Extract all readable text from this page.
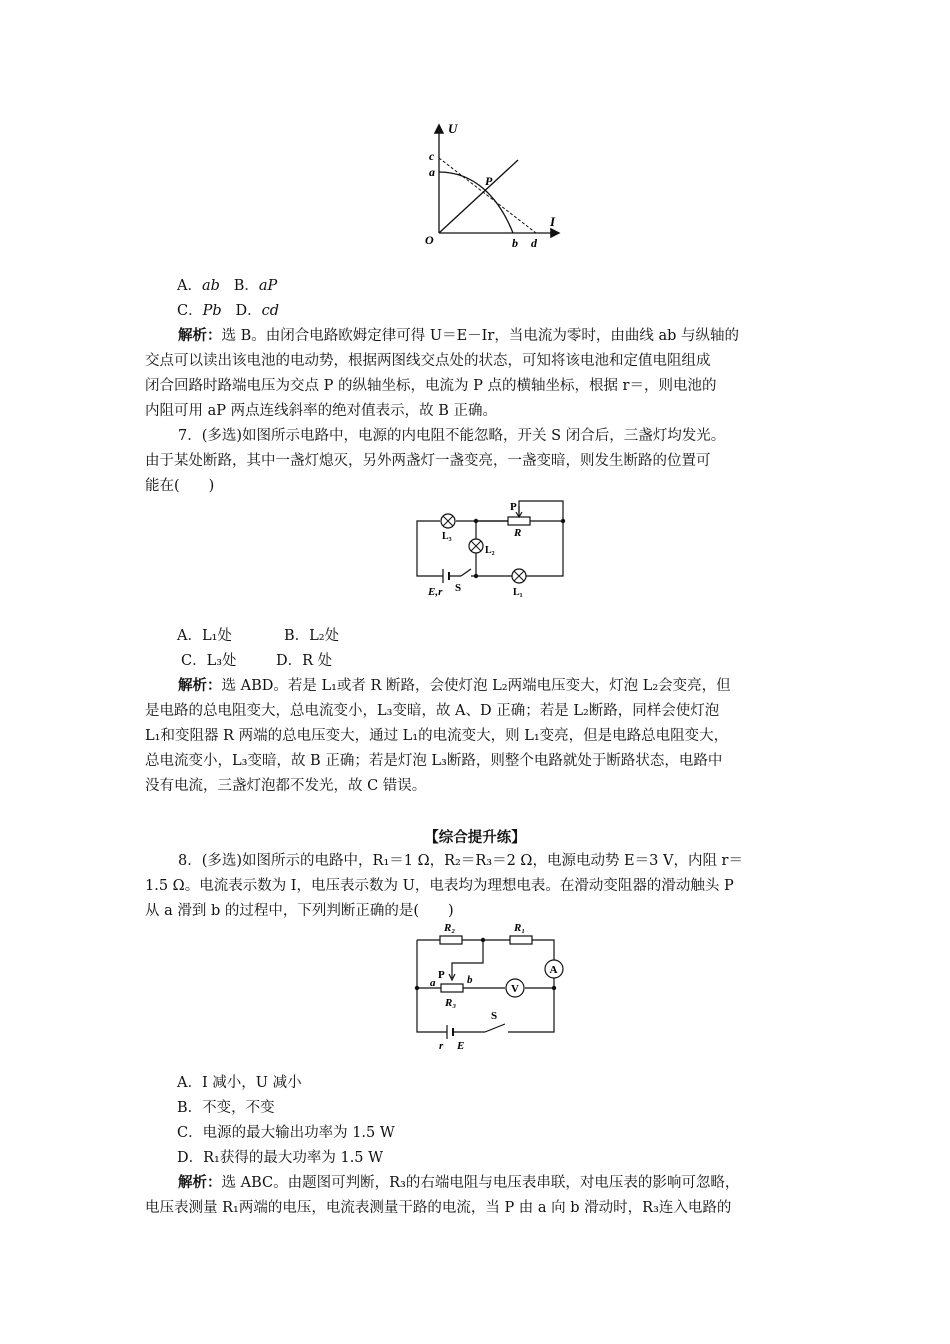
U
I
O
c
a
P
b d
A．ab B．aP
C．Pb D．cd
解析：选 B。由闭合电路欧姆定律可得 U＝E－Ir，当电流为零时，由曲线 ab 与纵轴的
交点可以读出该电池的电动势，根据两图线交点处的状态，可知将该电池和定值电阻组成
闭合回路时路端电压为交点 P 的纵轴坐标，电流为 P 点的横轴坐标，根据 r＝，则电池的
内阻可用 aP 两点连线斜率的绝对值表示，故 B 正确。
7．(多选)如图所示电路中，电源的内电阻不能忽略，开关 S 闭合后，三盏灯均发光。
由于某处断路，其中一盏灯熄灭，另外两盏灯一盏变亮，一盏变暗，则发生断路的位置可
能在(　　)
P
R
L₃
L₂
L₁
E,r S
A．L₁处	B．L₂处
C．L₃处	D．R 处
解析：选 ABD。若是 L₁或者 R 断路，会使灯泡 L₂两端电压变大，灯泡 L₂会变亮，但
是电路的总电阻变大，总电流变小，L₃变暗，故 A、D 正确；若是 L₂断路，同样会使灯泡
L₁和变阻器 R 两端的总电压变大，通过 L₁的电流变大，则 L₁变亮，但是电路总电阻变大，
总电流变小，L₃变暗，故 B 正确；若是灯泡 L₃断路，则整个电路就处于断路状态，电路中
没有电流，三盏灯泡都不发光，故 C 错误。
【综合提升练】
8．(多选)如图所示的电路中，R₁＝1 Ω，R₂＝R₃＝2 Ω，电源电动势 E＝3 V，内阻 r＝
1.5 Ω。电流表示数为 I，电压表示数为 U，电表均为理想电表。在滑动变阻器的滑动触头 P
从 a 滑到 b 的过程中，下列判断正确的是(　　)
A
V
R₂	R₁
a
P b
R₃
S
r E
A．I 减小，U 减小
B．不变，不变
C．电源的最大输出功率为 1.5 W
D．R₁获得的最大功率为 1.5 W
解析：选 ABC。由题图可判断，R₃的右端电阻与电压表串联，对电压表的影响可忽略，
电压表测量 R₁两端的电压，电流表测量干路的电流，当 P 由 a 向 b 滑动时，R₃连入电路的
